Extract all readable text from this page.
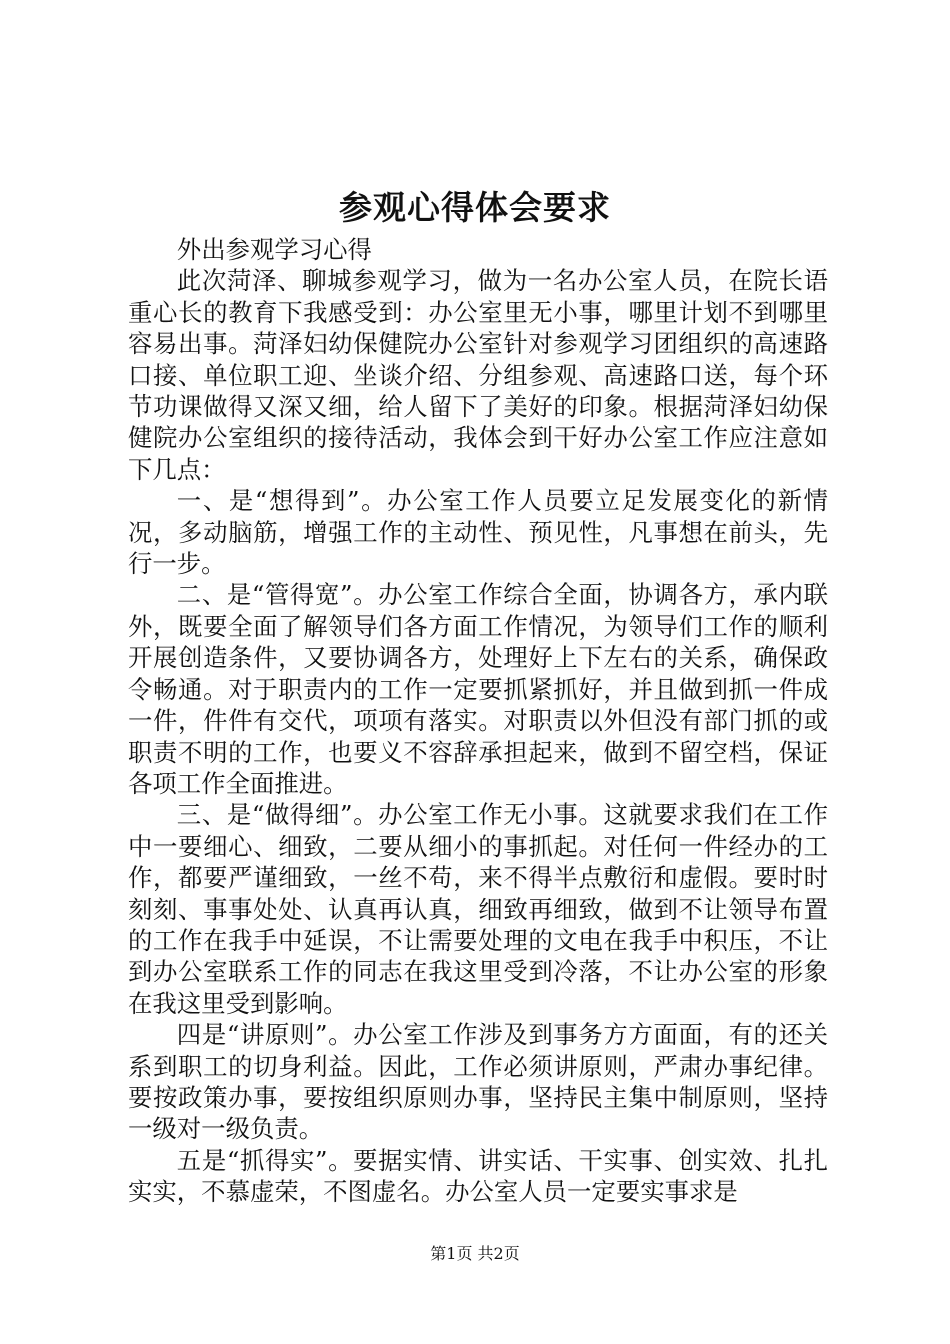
参观心得体会要求

外出参观学习心得

此次菏泽、聊城参观学习，做为一名办公室人员，在院长语重心长的教育下我感受到：办公室里无小事，哪里计划不到哪里容易出事。菏泽妇幼保健院办公室针对参观学习团组织的高速路口接、单位职工迎、坐谈介绍、分组参观、高速路口送，每个环节功课做得又深又细，给人留下了美好的印象。根据菏泽妇幼保健院办公室组织的接待活动，我体会到干好办公室工作应注意如下几点：

一、是“想得到”。办公室工作人员要立足发展变化的新情况，多动脑筋，增强工作的主动性、预见性，凡事想在前头，先行一步。

二、是“管得宽”。办公室工作综合全面，协调各方，承内联外，既要全面了解领导们各方面工作情况，为领导们工作的顺利开展创造条件，又要协调各方，处理好上下左右的关系，确保政令畅通。对于职责内的工作一定要抓紧抓好，并且做到抓一件成一件，件件有交代，项项有落实。对职责以外但没有部门抓的或职责不明的工作，也要义不容辞承担起来，做到不留空档，保证各项工作全面推进。

三、是“做得细”。办公室工作无小事。这就要求我们在工作中一要细心、细致，二要从细小的事抓起。对任何一件经办的工作，都要严谨细致，一丝不苟，来不得半点敷衍和虚假。要时时刻刻、事事处处、认真再认真，细致再细致，做到不让领导布置的工作在我手中延误，不让需要处理的文电在我手中积压，不让到办公室联系工作的同志在我这里受到冷落，不让办公室的形象在我这里受到影响。

四是“讲原则”。办公室工作涉及到事务方方面面，有的还关系到职工的切身利益。因此，工作必须讲原则，严肃办事纪律。要按政策办事，要按组织原则办事，坚持民主集中制原则，坚持一级对一级负责。

五是“抓得实”。要据实情、讲实话、干实事、创实效、扎扎实实，不慕虚荣，不图虚名。办公室人员一定要实事求是

第1页 共2页
